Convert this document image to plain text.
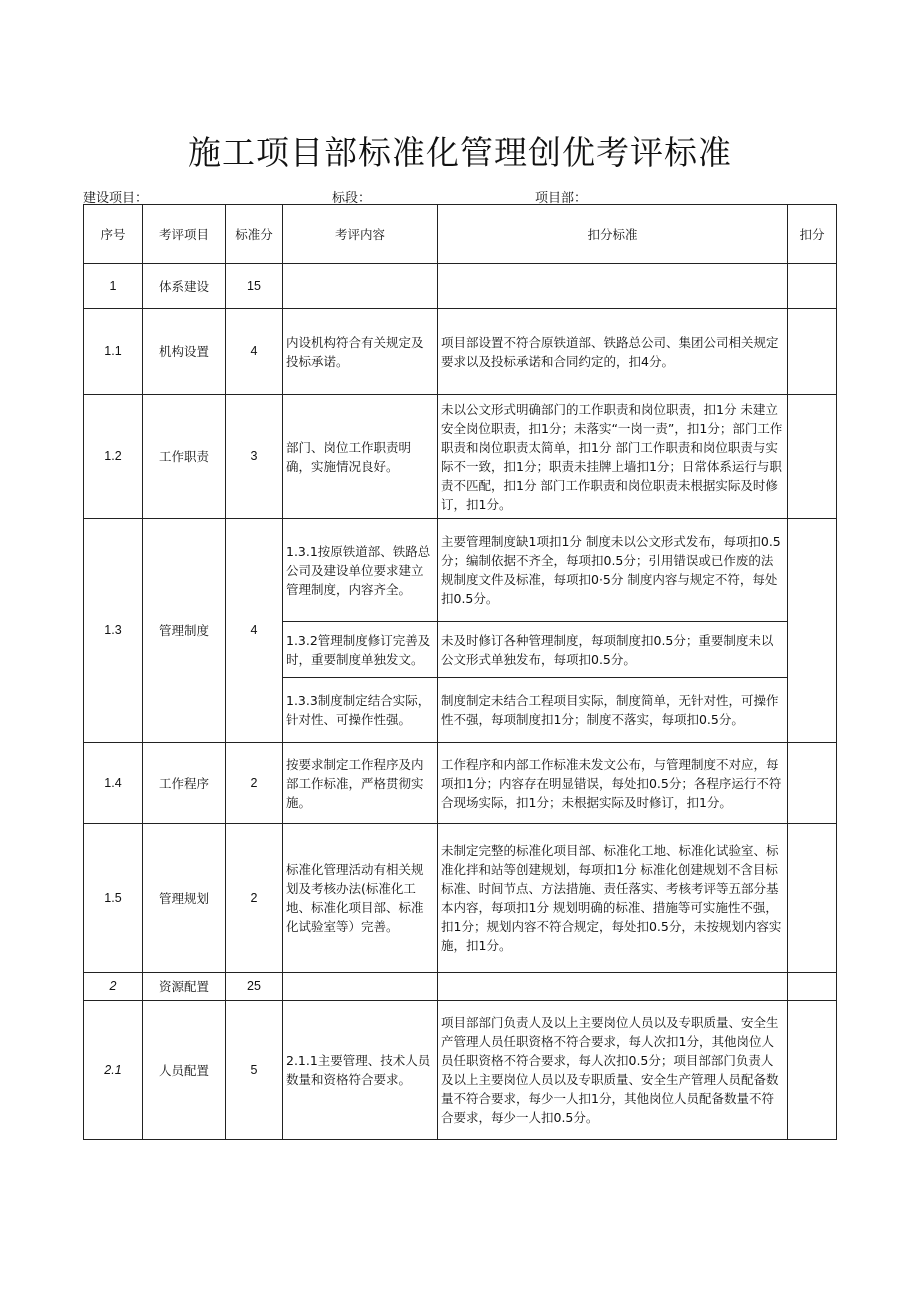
施工项目部标准化管理创优考评标准
建设项目：	标段：	项目部：
序号	考评项目	标准分	考评内容	扣分标准	扣分
1	体系建设	15			
1.1	机构设置	4	内设机构符合有关规定及投标承诺。	项目部设置不符合原铁道部、铁路总公司、集团公司相关规定要求以及投标承诺和合同约定的，扣4分。	
1.2	工作职责	3	部门、岗位工作职责明确，实施情况良好。	未以公文形式明确部门的工作职责和岗位职责，扣1分 未建立安全岗位职责，扣1分；未落实“一岗一责”，扣1分；部门工作职责和岗位职责太简单，扣1分 部门工作职责和岗位职责与实际不一致，扣1分；职责未挂牌上墙扣1分；日常体系运行与职责不匹配，扣1分 部门工作职责和岗位职责未根据实际及时修订，扣1分。	
1.3	管理制度	4	1.3.1按原铁道部、铁路总公司及建设单位要求建立管理制度，内容齐全。	主要管理制度缺1项扣1分 制度未以公文形式发布，每项扣0.5分；编制依据不齐全，每项扣0.5分；引用错误或已作废的法规制度文件及标准，每项扣0·5分 制度内容与规定不符，每处扣0.5分。	
			1.3.2管理制度修订完善及时，重要制度单独发文。	未及时修订各种管理制度，每项制度扣0.5分；重要制度未以公文形式单独发布，每项扣0.5分。	
			1.3.3制度制定结合实际，针对性、可操作性强。	制度制定未结合工程项目实际，制度简单，无针对性，可操作性不强，每项制度扣1分；制度不落实，每项扣0.5分。	
1.4	工作程序	2	按要求制定工作程序及内部工作标准，严格贯彻实施。	工作程序和内部工作标准未发文公布，与管理制度不对应，每项扣1分；内容存在明显错误，每处扣0.5分；各程序运行不符合现场实际，扣1分；未根据实际及时修订，扣1分。	
1.5	管理规划	2	标准化管理活动有相关规划及考核办法(标准化工地、标准化项目部、标准化试验室等）完善。	未制定完整的标准化项目部、标准化工地、标准化试验室、标准化拌和站等创建规划，每项扣1分 标准化创建规划不含目标标准、时间节点、方法措施、责任落实、考核考评等五部分基本内容，每项扣1分 规划明确的标准、措施等可实施性不强，扣1分；规划内容不符合规定，每处扣0.5分，未按规划内容实施，扣1分。	
2	资源配置	25			
2.1	人员配置	5	2.1.1主要管理、技术人员数量和资格符合要求。	项目部部门负责人及以上主要岗位人员以及专职质量、安全生产管理人员任职资格不符合要求，每人次扣1分，其他岗位人员任职资格不符合要求，每人次扣0.5分；项目部部门负责人及以上主要岗位人员以及专职质量、安全生产管理人员配备数量不符合要求，每少一人扣1分，其他岗位人员配备数量不符合要求，每少一人扣0.5分。	
